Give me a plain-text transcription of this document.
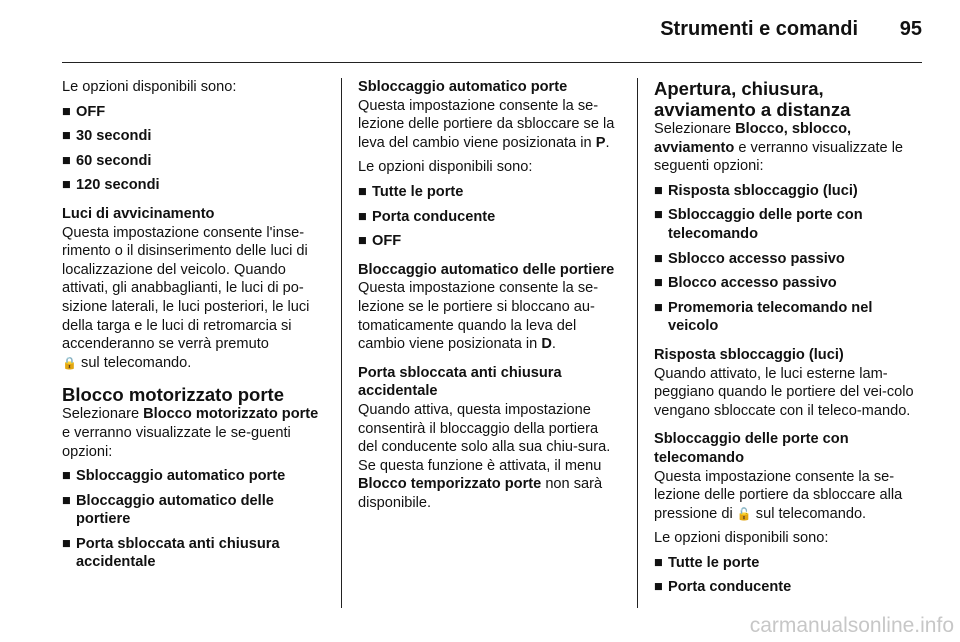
Strumenti e comandi 95

Le opzioni disponibili sono:

■ OFF
■ 30 secondi
■ 60 secondi
■ 120 secondi

Luci di avvicinamento

Questa impostazione consente l'inse-rimento o il disinserimento delle luci di localizzazione del veicolo. Quando attivati, gli anabbaglianti, le luci di po-sizione laterali, le luci posteriori, le luci della targa e le luci di retromarcia si accenderanno se verrà premuto
🔒 sul telecomando.

Blocco motorizzato porte

Selezionare Blocco motorizzato porte e verranno visualizzate le se-guenti opzioni:

■ Sbloccaggio automatico porte
■ Bloccaggio automatico delle portiere
■ Porta sbloccata anti chiusura accidentale

Sbloccaggio automatico porte

Questa impostazione consente la se-lezione delle portiere da sbloccare se la leva del cambio viene posizionata in P.

Le opzioni disponibili sono:

■ Tutte le porte
■ Porta conducente
■ OFF

Bloccaggio automatico delle portiere

Questa impostazione consente la se-lezione se le portiere si bloccano au-tomaticamente quando la leva del cambio viene posizionata in D.

Porta sbloccata anti chiusura accidentale

Quando attiva, questa impostazione consentirà il bloccaggio della portiera del conducente solo alla sua chiu-sura. Se questa funzione è attivata, il menu Blocco temporizzato porte non sarà disponibile.

Apertura, chiusura, avviamento a distanza

Selezionare Blocco, sblocco, avviamento e verranno visualizzate le seguenti opzioni:

■ Risposta sbloccaggio (luci)
■ Sbloccaggio delle porte con telecomando
■ Sblocco accesso passivo
■ Blocco accesso passivo
■ Promemoria telecomando nel veicolo

Risposta sbloccaggio (luci)

Quando attivato, le luci esterne lam-peggiano quando le portiere del vei-colo vengano sbloccate con il teleco-mando.

Sbloccaggio delle porte con telecomando

Questa impostazione consente la se-lezione delle portiere da sbloccare alla pressione di 🔓 sul telecomando.

Le opzioni disponibili sono:

■ Tutte le porte
■ Porta conducente
carmanualsonline.info
